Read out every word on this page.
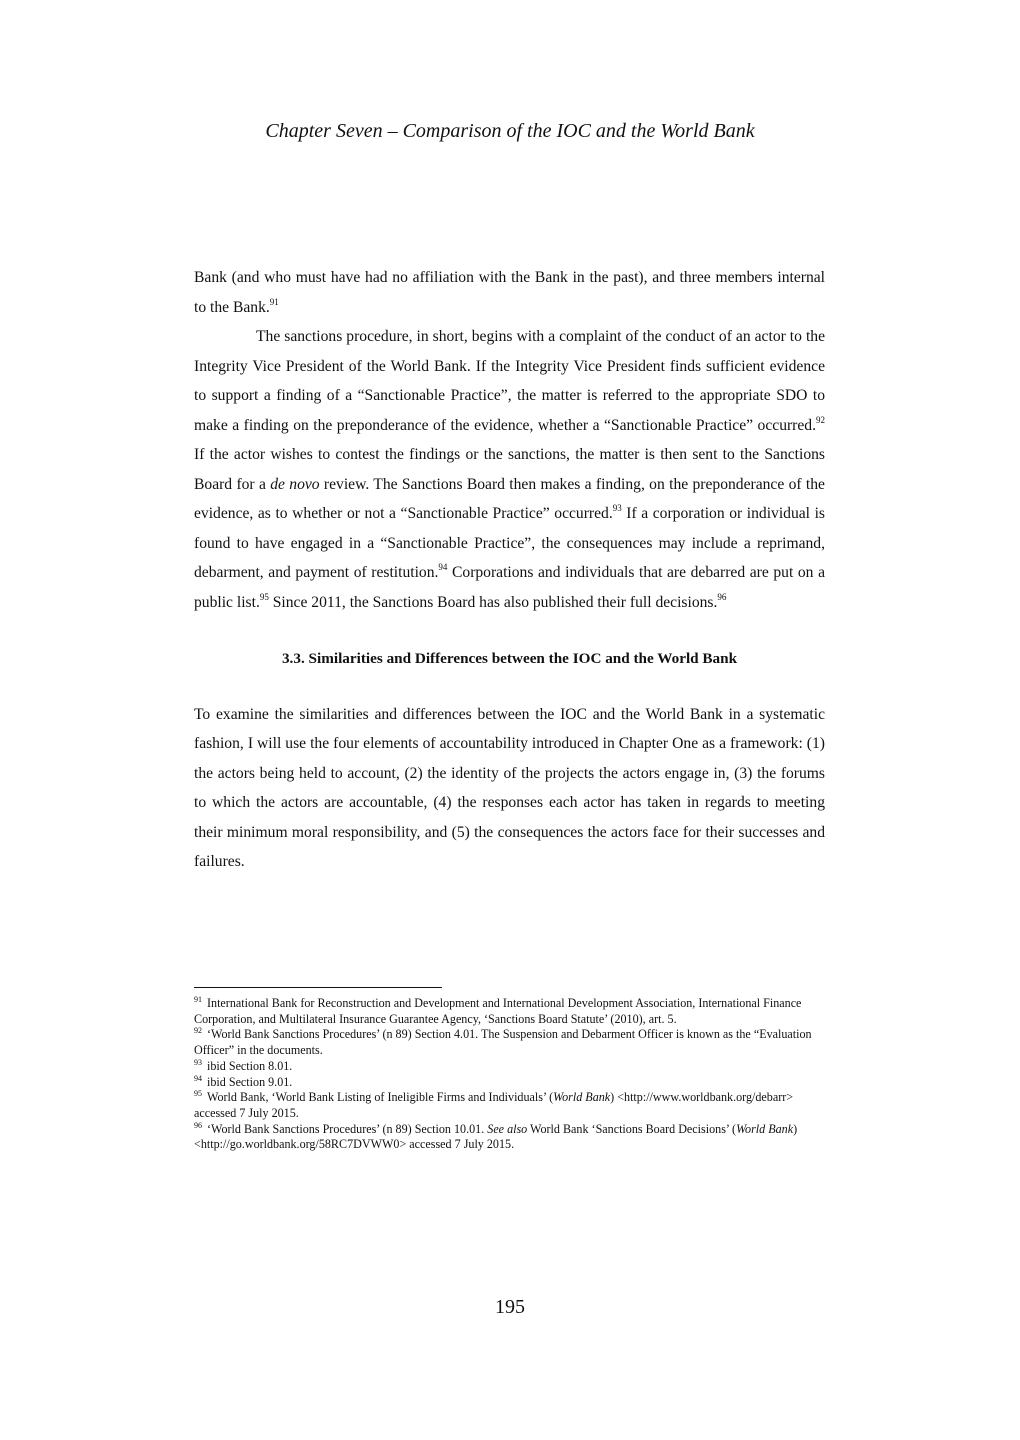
Chapter Seven – Comparison of the IOC and the World Bank

Bank (and who must have had no affiliation with the Bank in the past), and three members internal to the Bank.$^{91}$

The sanctions procedure, in short, begins with a complaint of the conduct of an actor to the Integrity Vice President of the World Bank. If the Integrity Vice President finds sufficient evidence to support a finding of a “Sanctionable Practice”, the matter is referred to the appropriate SDO to make a finding on the preponderance of the evidence, whether a “Sanctionable Practice” occurred.$^{92}$ If the actor wishes to contest the findings or the sanctions, the matter is then sent to the Sanctions Board for a de novo review. The Sanctions Board then makes a finding, on the preponderance of the evidence, as to whether or not a “Sanctionable Practice” occurred.$^{93}$ If a corporation or individual is found to have engaged in a “Sanctionable Practice”, the consequences may include a reprimand, debarment, and payment of restitution.$^{94}$ Corporations and individuals that are debarred are put on a public list.$^{95}$ Since 2011, the Sanctions Board has also published their full decisions.$^{96}$

3.3. Similarities and Differences between the IOC and the World Bank

To examine the similarities and differences between the IOC and the World Bank in a systematic fashion, I will use the four elements of accountability introduced in Chapter One as a framework: (1) the actors being held to account, (2) the identity of the projects the actors engage in, (3) the forums to which the actors are accountable, (4) the responses each actor has taken in regards to meeting their minimum moral responsibility, and (5) the consequences the actors face for their successes and failures.

$^{91}$ International Bank for Reconstruction and Development and International Development Association, International Finance Corporation, and Multilateral Insurance Guarantee Agency, ‘Sanctions Board Statute’ (2010), art. 5.

$^{92}$ ‘World Bank Sanctions Procedures’ (n 89) Section 4.01. The Suspension and Debarment Officer is known as the “Evaluation Officer” in the documents.

$^{93}$ ibid Section 8.01.

$^{94}$ ibid Section 9.01.

$^{95}$ World Bank, ‘World Bank Listing of Ineligible Firms and Individuals’ (World Bank) <http://www.worldbank.org/debarr> accessed 7 July 2015.

$^{96}$ ‘World Bank Sanctions Procedures’ (n 89) Section 10.01. See also World Bank ‘Sanctions Board Decisions’ (World Bank) <http://go.worldbank.org/58RC7DVWW0> accessed 7 July 2015.

195
